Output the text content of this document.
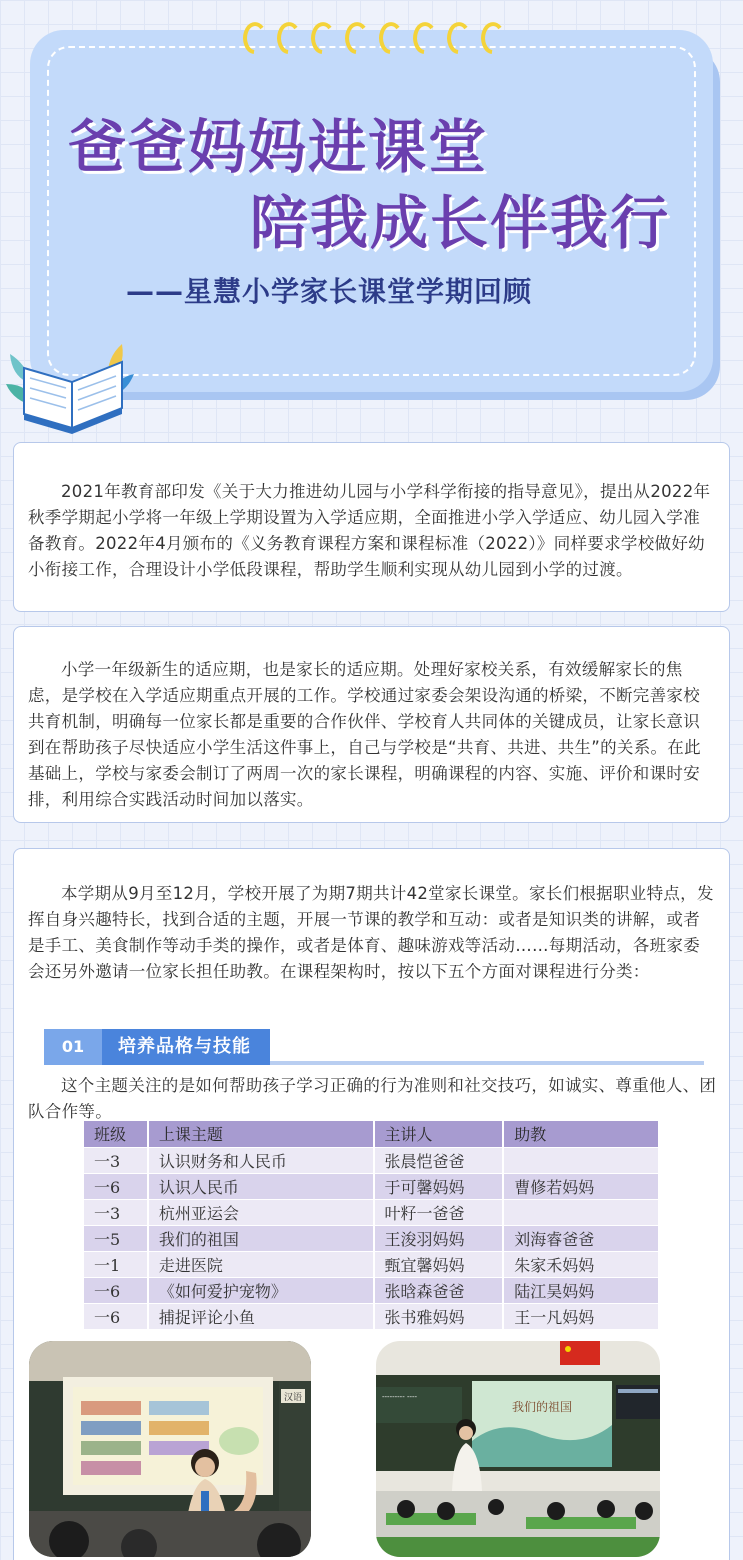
爸爸妈妈进课堂
陪我成长伴我行
——星慧小学家长课堂学期回顾

2021年教育部印发《关于大力推进幼儿园与小学科学衔接的指导意见》，提出从2022年秋季学期起小学将一年级上学期设置为入学适应期，全面推进小学入学适应、幼儿园入学准备教育。2022年4月颁布的《义务教育课程方案和课程标准（2022）》同样要求学校做好幼小衔接工作，合理设计小学低段课程，帮助学生顺利实现从幼儿园到小学的过渡。

小学一年级新生的适应期，也是家长的适应期。处理好家校关系，有效缓解家长的焦虑，是学校在入学适应期重点开展的工作。学校通过家委会架设沟通的桥梁，不断完善家校共育机制，明确每一位家长都是重要的合作伙伴、学校育人共同体的关键成员，让家长意识到在帮助孩子尽快适应小学生活这件事上，自己与学校是“共育、共进、共生”的关系。在此基础上，学校与家委会制订了两周一次的家长课程，明确课程的内容、实施、评价和课时安排，利用综合实践活动时间加以落实。

本学期从9月至12月，学校开展了为期7期共计42堂家长课堂。家长们根据职业特点，发挥自身兴趣特长，找到合适的主题，开展一节课的教学和互动：或者是知识类的讲解，或者是手工、美食制作等动手类的操作，或者是体育、趣味游戏等活动……每期活动，各班家委会还另外邀请一位家长担任助教。在课程架构时，按以下五个方面对课程进行分类：

01	培养品格与技能

这个主题关注的是如何帮助孩子学习正确的行为准则和社交技巧，如诚实、尊重他人、团队合作等。

班级	上课主题	主讲人	助教
一3	认识财务和人民币	张晨恺爸爸	
一6	认识人民币	于可馨妈妈	曹修若妈妈
一3	杭州亚运会	叶籽一爸爸	
一5	我们的祖国	王浚羽妈妈	刘海睿爸爸
一1	走进医院	甄宜馨妈妈	朱家禾妈妈
一6	《如何爱护宠物》	张晗森爸爸	陆江昊妈妈
一6	捕捉评论小鱼	张书雅妈妈	王一凡妈妈
汉语	--------- ----
我们的祖国
